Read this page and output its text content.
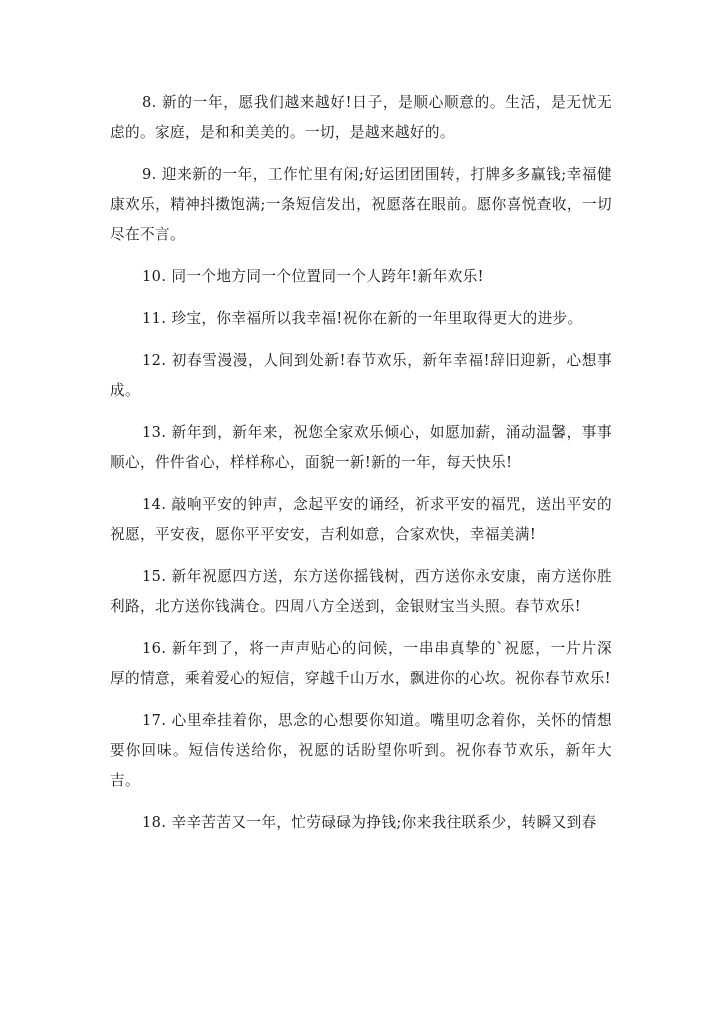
8. 新的一年，愿我们越来越好!日子，是顺心顺意的。生活，是无忧无虑的。家庭，是和和美美的。一切，是越来越好的。

9. 迎来新的一年，工作忙里有闲;好运团团围转，打牌多多赢钱;幸福健康欢乐，精神抖擞饱满;一条短信发出，祝愿落在眼前。愿你喜悦查收，一切尽在不言。

10. 同一个地方同一个位置同一个人跨年!新年欢乐!

11. 珍宝，你幸福所以我幸福!祝你在新的一年里取得更大的进步。

12. 初春雪漫漫，人间到处新!春节欢乐，新年幸福!辞旧迎新，心想事成。

13. 新年到，新年来，祝您全家欢乐倾心，如愿加薪，涌动温馨，事事顺心，件件省心，样样称心，面貌一新!新的一年，每天快乐!

14. 敲响平安的钟声，念起平安的诵经，祈求平安的福咒，送出平安的祝愿，平安夜，愿你平平安安，吉利如意，合家欢快，幸福美满!

15. 新年祝愿四方送，东方送你摇钱树，西方送你永安康，南方送你胜利路，北方送你钱满仓。四周八方全送到，金银财宝当头照。春节欢乐!

16. 新年到了，将一声声贴心的问候，一串串真挚的`祝愿，一片片深厚的情意，乘着爱心的短信，穿越千山万水，飘进你的心坎。祝你春节欢乐!

17. 心里牵挂着你，思念的心想要你知道。嘴里叨念着你，关怀的情想要你回味。短信传送给你，祝愿的话盼望你听到。祝你春节欢乐，新年大吉。

18. 辛辛苦苦又一年，忙劳碌碌为挣钱;你来我往联系少，转瞬又到春
